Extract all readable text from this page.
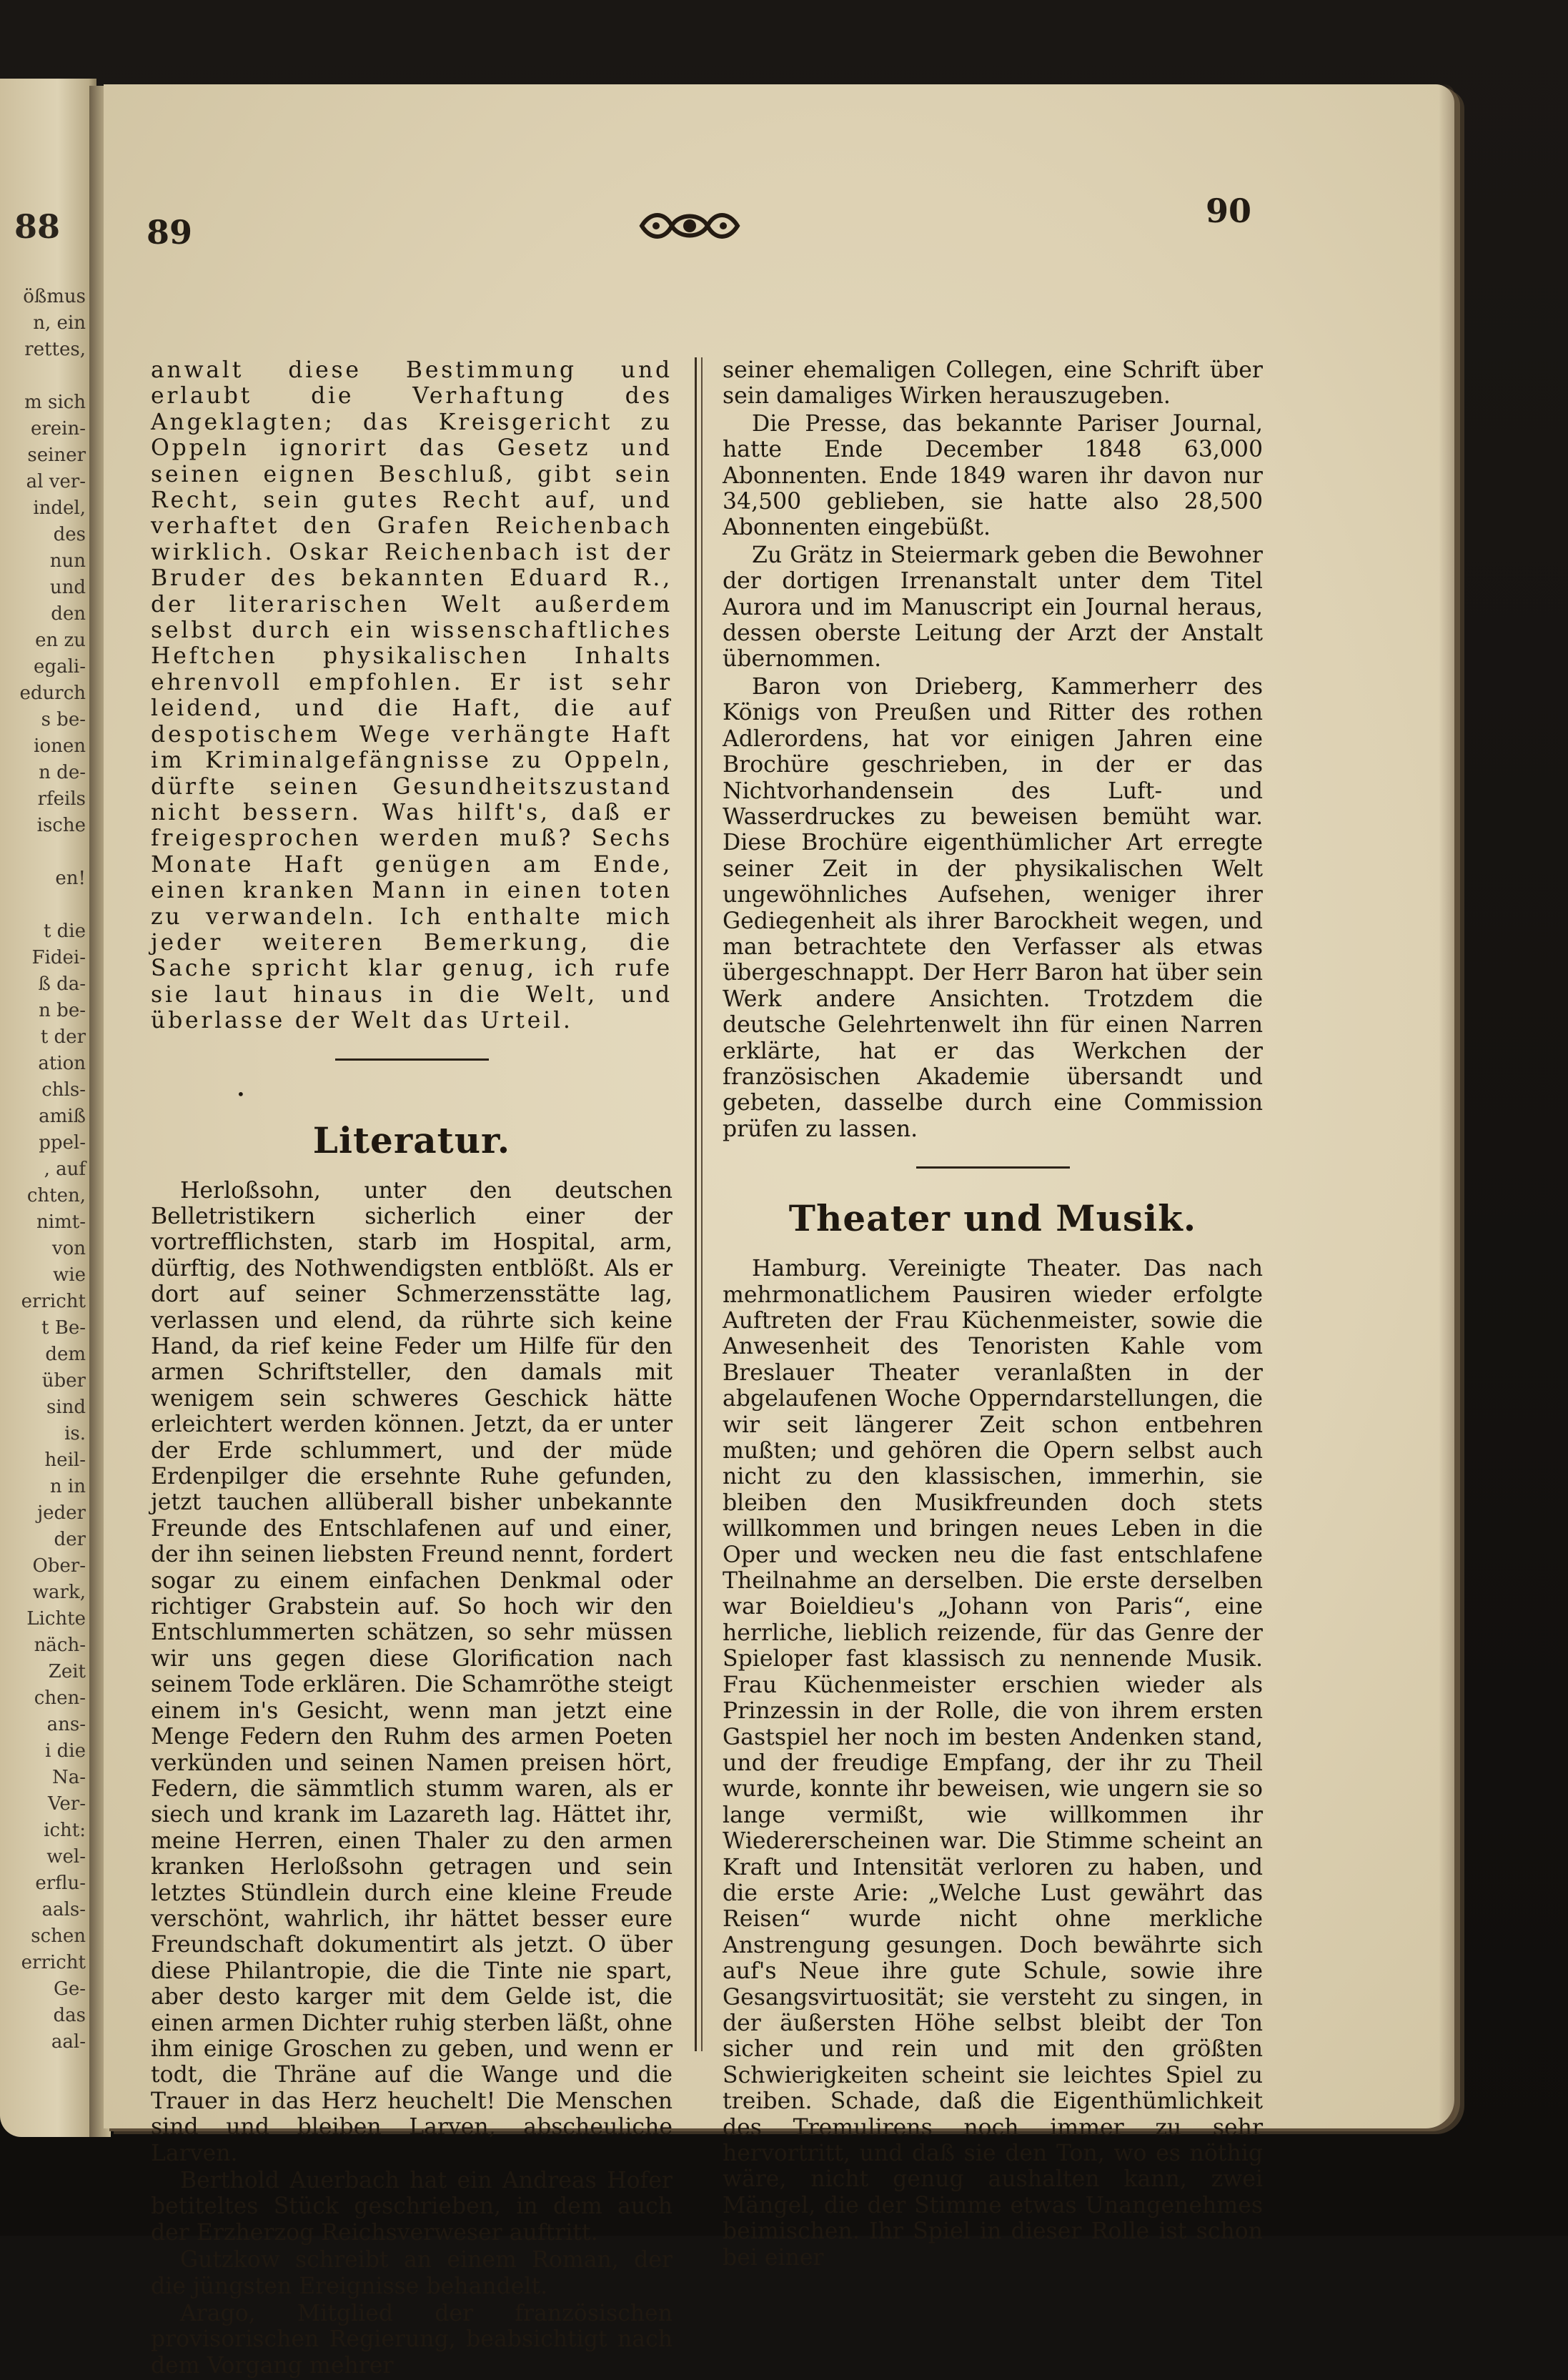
88
ößmus
n, ein
rettes,
m sich
erein-
seiner
al ver-
indel,
des
nun
und
den
en zu
egali-
edurch
s be-
ionen
n de-
rfeils
ische
en!
t die
Fidei-
ß da-
n be-
t der
ation
chls-
amiß
ppel-
, auf
chten,
nimt-
von
wie
erricht
t Be-
dem
über
sind
is.
heil-
n in
jeder
der
Ober-
wark,
Lichte
näch-
Zeit
chen-
ans-
i die
Na-
Ver-
icht:
wel-
erflu-
aals-
schen
erricht
Ge-
das
aal-
89
90

anwalt diese Bestimmung und erlaubt die Verhaftung des Angeklagten; das Kreisgericht zu Oppeln ignorirt das Gesetz und seinen eignen Beschluß, gibt sein Recht, sein gutes Recht auf, und verhaftet den Grafen Reichenbach wirklich. Oskar Reichenbach ist der Bruder des bekannten Eduard R., der literarischen Welt außerdem selbst durch ein wissenschaftliches Heftchen physikalischen Inhalts ehrenvoll empfohlen. Er ist sehr leidend, und die Haft, die auf despotischem Wege verhängte Haft im Kriminalgefängnisse zu Oppeln, dürfte seinen Gesundheitszustand nicht bessern. Was hilft's, daß er freigesprochen werden muß? Sechs Monate Haft genügen am Ende, einen kranken Mann in einen toten zu verwandeln. Ich enthalte mich jeder weiteren Bemerkung, die Sache spricht klar genug, ich rufe sie laut hinaus in die Welt, und überlasse der Welt das Urteil.

•

Literatur.

Herloßsohn, unter den deutschen Belletristikern sicherlich einer der vortrefflichsten, starb im Hospital, arm, dürftig, des Nothwendigsten entblößt. Als er dort auf seiner Schmerzensstätte lag, verlassen und elend, da rührte sich keine Hand, da rief keine Feder um Hilfe für den armen Schriftsteller, den damals mit wenigem sein schweres Geschick hätte erleichtert werden können. Jetzt, da er unter der Erde schlummert, und der müde Erdenpilger die ersehnte Ruhe gefunden, jetzt tauchen allüberall bisher unbekannte Freunde des Entschlafenen auf und einer, der ihn seinen liebsten Freund nennt, fordert sogar zu einem einfachen Denkmal oder richtiger Grabstein auf. So hoch wir den Entschlummerten schätzen, so sehr müssen wir uns gegen diese Glorification nach seinem Tode erklären. Die Schamröthe steigt einem in's Gesicht, wenn man jetzt eine Menge Federn den Ruhm des armen Poeten verkünden und seinen Namen preisen hört, Federn, die sämmtlich stumm waren, als er siech und krank im Lazareth lag. Hättet ihr, meine Herren, einen Thaler zu den armen kranken Herloßsohn getragen und sein letztes Stündlein durch eine kleine Freude verschönt, wahrlich, ihr hättet besser eure Freundschaft dokumentirt als jetzt. O über diese Philantropie, die die Tinte nie spart, aber desto karger mit dem Gelde ist, die einen armen Dichter ruhig sterben läßt, ohne ihm einige Groschen zu geben, und wenn er todt, die Thräne auf die Wange und die Trauer in das Herz heuchelt! Die Menschen sind und bleiben Larven, abscheuliche Larven.

Berthold Auerbach hat ein Andreas Hofer betiteltes Stück geschrieben, in dem auch der Erzherzog Reichsverweser auftritt.

Gutzkow schreibt an einem Roman, der die jüngsten Ereignisse behandelt.

Arago, Mitglied der französischen provisorischen Regierung, beabsichtigt nach dem Vorgang mehrer

seiner ehemaligen Collegen, eine Schrift über sein damaliges Wirken herauszugeben.

Die Presse, das bekannte Pariser Journal, hatte Ende December 1848 63,000 Abonnenten. Ende 1849 waren ihr davon nur 34,500 geblieben, sie hatte also 28,500 Abonnenten eingebüßt.

Zu Grätz in Steiermark geben die Bewohner der dortigen Irrenanstalt unter dem Titel Aurora und im Manuscript ein Journal heraus, dessen oberste Leitung der Arzt der Anstalt übernommen.

Baron von Drieberg, Kammerherr des Königs von Preußen und Ritter des rothen Adlerordens, hat vor einigen Jahren eine Brochüre geschrieben, in der er das Nichtvorhandensein des Luft- und Wasserdruckes zu beweisen bemüht war. Diese Brochüre eigenthümlicher Art erregte seiner Zeit in der physikalischen Welt ungewöhnliches Aufsehen, weniger ihrer Gediegenheit als ihrer Barockheit wegen, und man betrachtete den Verfasser als etwas übergeschnappt. Der Herr Baron hat über sein Werk andere Ansichten. Trotzdem die deutsche Gelehrtenwelt ihn für einen Narren erklärte, hat er das Werkchen der französischen Akademie übersandt und gebeten, dasselbe durch eine Commission prüfen zu lassen.

Theater und Musik.

Hamburg. Vereinigte Theater. Das nach mehrmonatlichem Pausiren wieder erfolgte Auftreten der Frau Küchenmeister, sowie die Anwesenheit des Tenoristen Kahle vom Breslauer Theater veranlaßten in der abgelaufenen Woche Opperndarstellungen, die wir seit längerer Zeit schon entbehren mußten; und gehören die Opern selbst auch nicht zu den klassischen, immerhin, sie bleiben den Musikfreunden doch stets willkommen und bringen neues Leben in die Oper und wecken neu die fast entschlafene Theilnahme an derselben. Die erste derselben war Boieldieu's „Johann von Paris“, eine herrliche, lieblich reizende, für das Genre der Spieloper fast klassisch zu nennende Musik. Frau Küchenmeister erschien wieder als Prinzessin in der Rolle, die von ihrem ersten Gastspiel her noch im besten Andenken stand, und der freudige Empfang, der ihr zu Theil wurde, konnte ihr beweisen, wie ungern sie so lange vermißt, wie willkommen ihr Wiedererscheinen war. Die Stimme scheint an Kraft und Intensität verloren zu haben, und die erste Arie: „Welche Lust gewährt das Reisen“ wurde nicht ohne merkliche Anstrengung gesungen. Doch bewährte sich auf's Neue ihre gute Schule, sowie ihre Gesangsvirtuosität; sie versteht zu singen, in der äußersten Höhe selbst bleibt der Ton sicher und rein und mit den größten Schwierigkeiten scheint sie leichtes Spiel zu treiben. Schade, daß die Eigenthümlichkeit des Tremulirens noch immer zu sehr hervortritt, und daß sie den Ton, wo es nöthig wäre, nicht genug aushalten kann, zwei Mängel, die der Stimme etwas Unangenehmes beimischen. Ihr Spiel in dieser Rolle ist schon bei einer
